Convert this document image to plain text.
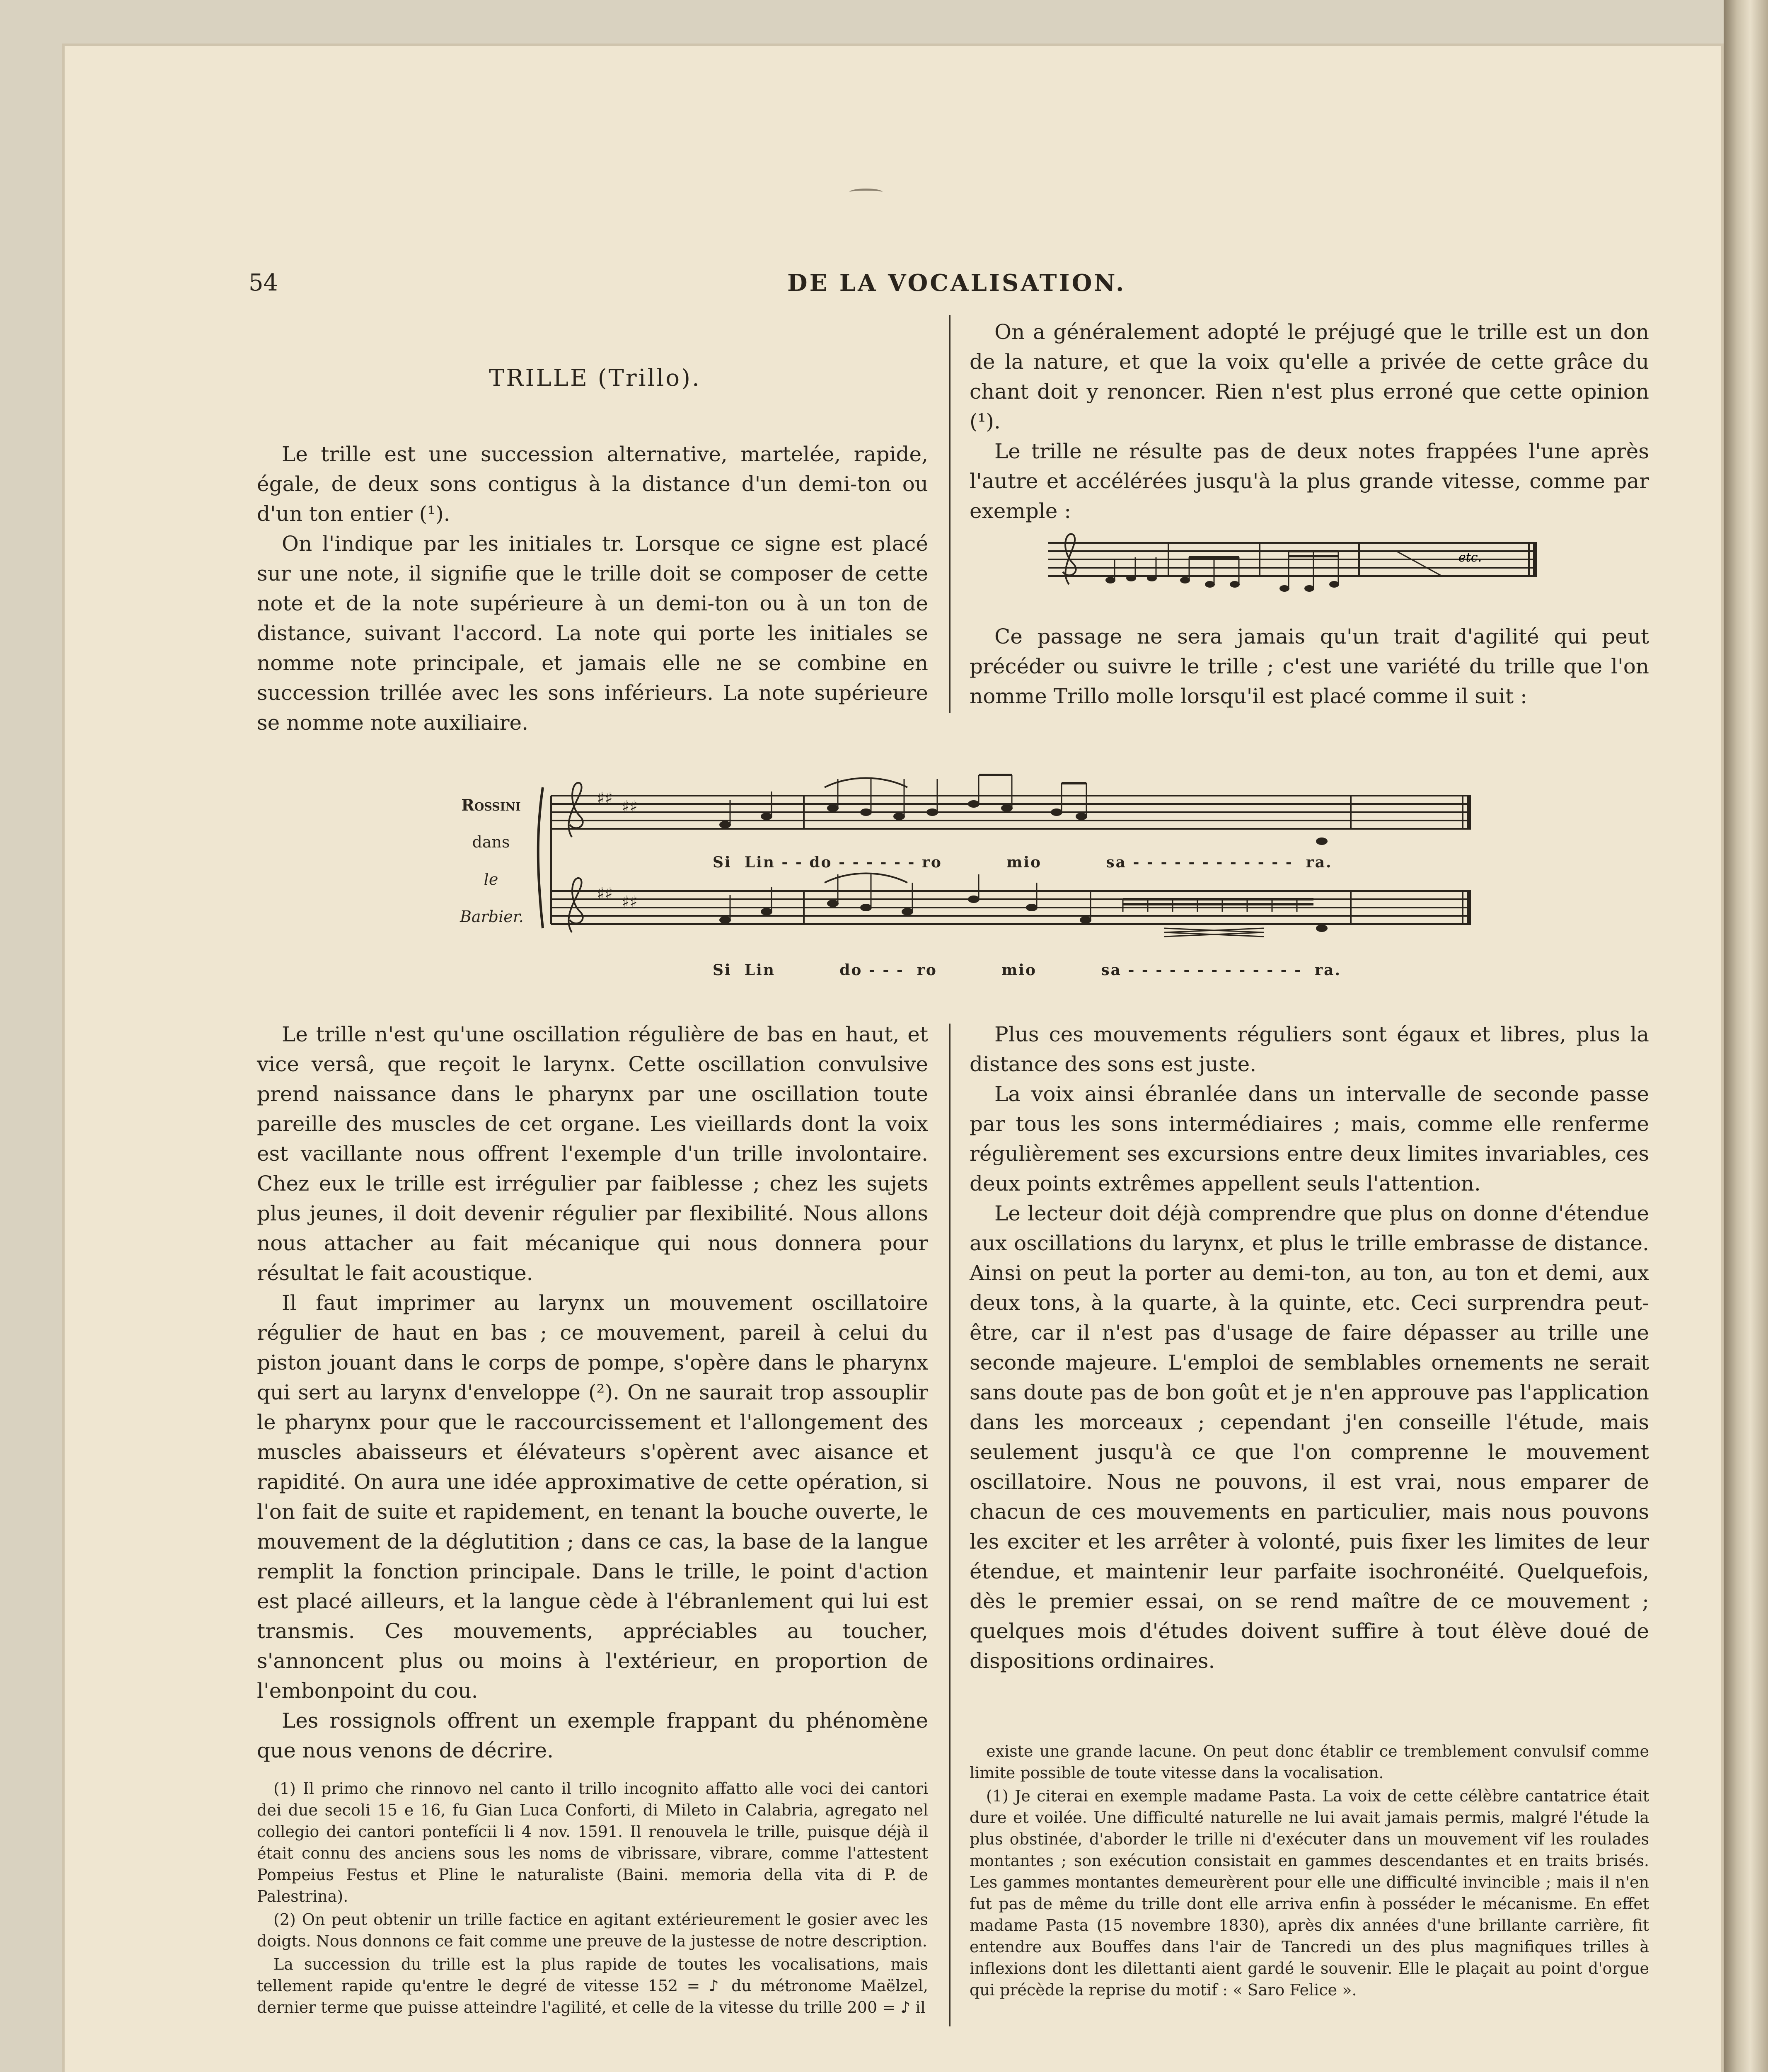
54	DE LA VOCALISATION.
TRILLE (Trillo).

Le trille est une succession alternative, martelée, rapide, égale, de deux sons contigus à la distance d'un demi-ton ou d'un ton entier (¹).

On l'indique par les initiales tr. Lorsque ce signe est placé sur une note, il signifie que le trille doit se composer de cette note et de la note supérieure à un demi-ton ou à un ton de distance, suivant l'accord. La note qui porte les initiales se nomme note principale, et jamais elle ne se combine en succession trillée avec les sons inférieurs. La note supérieure se nomme note auxiliaire.

On a généralement adopté le préjugé que le trille est un don de la nature, et que la voix qu'elle a privée de cette grâce du chant doit y renoncer. Rien n'est plus erroné que cette opinion (¹).

Le trille ne résulte pas de deux notes frappées l'une après l'autre et accélérées jusqu'à la plus grande vitesse, comme par exemple :

etc.

Ce passage ne sera jamais qu'un trait d'agilité qui peut précéder ou suivre le trille ; c'est une variété du trille que l'on nomme Trillo molle lorsqu'il est placé comme il suit :

Rossini
dans
le
Barbier.
♯♯ ♯♯
♯♯ ♯♯
Si  Lin - - do - - - - - - ro          mio          sa - - - - - - - - - - - -  ra.
Si  Lin          do - - -  ro          mio          sa - - - - - - - - - - - - -  ra.

Le trille n'est qu'une oscillation régulière de bas en haut, et vice versâ, que reçoit le larynx. Cette oscillation convulsive prend naissance dans le pharynx par une oscillation toute pareille des muscles de cet organe. Les vieillards dont la voix est vacillante nous offrent l'exemple d'un trille involontaire. Chez eux le trille est irrégulier par faiblesse ; chez les sujets plus jeunes, il doit devenir régulier par flexibilité. Nous allons nous attacher au fait mécanique qui nous donnera pour résultat le fait acoustique.

Il faut imprimer au larynx un mouvement oscillatoire régulier de haut en bas ; ce mouvement, pareil à celui du piston jouant dans le corps de pompe, s'opère dans le pharynx qui sert au larynx d'enveloppe (²). On ne saurait trop assouplir le pharynx pour que le raccourcissement et l'allongement des muscles abaisseurs et élévateurs s'opèrent avec aisance et rapidité. On aura une idée approximative de cette opération, si l'on fait de suite et rapidement, en tenant la bouche ouverte, le mouvement de la déglutition ; dans ce cas, la base de la langue remplit la fonction principale. Dans le trille, le point d'action est placé ailleurs, et la langue cède à l'ébranlement qui lui est transmis. Ces mouvements, appréciables au toucher, s'annoncent plus ou moins à l'extérieur, en proportion de l'embonpoint du cou.

Les rossignols offrent un exemple frappant du phénomène que nous venons de décrire.

Plus ces mouvements réguliers sont égaux et libres, plus la distance des sons est juste.

La voix ainsi ébranlée dans un intervalle de seconde passe par tous les sons intermédiaires ; mais, comme elle renferme régulièrement ses excursions entre deux limites invariables, ces deux points extrêmes appellent seuls l'attention.

Le lecteur doit déjà comprendre que plus on donne d'étendue aux oscillations du larynx, et plus le trille embrasse de distance. Ainsi on peut la porter au demi-ton, au ton, au ton et demi, aux deux tons, à la quarte, à la quinte, etc. Ceci surprendra peut-être, car il n'est pas d'usage de faire dépasser au trille une seconde majeure. L'emploi de semblables ornements ne serait sans doute pas de bon goût et je n'en approuve pas l'application dans les morceaux ; cependant j'en conseille l'étude, mais seulement jusqu'à ce que l'on comprenne le mouvement oscillatoire. Nous ne pouvons, il est vrai, nous emparer de chacun de ces mouvements en particulier, mais nous pouvons les exciter et les arrêter à volonté, puis fixer les limites de leur étendue, et maintenir leur parfaite isochronéité. Quelquefois, dès le premier essai, on se rend maître de ce mouvement ; quelques mois d'études doivent suffire à tout élève doué de dispositions ordinaires.

(1) Il primo che rinnovo nel canto il trillo incognito affatto alle voci dei cantori dei due secoli 15 e 16, fu Gian Luca Conforti, di Mileto in Calabria, agregato nel collegio dei cantori pontefícii li 4 nov. 1591. Il renouvela le trille, puisque déjà il était connu des anciens sous les noms de vibrissare, vibrare, comme l'attestent Pompeius Festus et Pline le naturaliste (Baini. memoria della vita di P. de Palestrina).

(2) On peut obtenir un trille factice en agitant extérieurement le gosier avec les doigts. Nous donnons ce fait comme une preuve de la justesse de notre description.

La succession du trille est la plus rapide de toutes les vocalisations, mais tellement rapide qu'entre le degré de vitesse 152 = ♪ du métronome Maëlzel, dernier terme que puisse atteindre l'agilité, et celle de la vitesse du trille 200 = ♪ il

existe une grande lacune. On peut donc établir ce tremblement convulsif comme limite possible de toute vitesse dans la vocalisation.

(1) Je citerai en exemple madame Pasta. La voix de cette célèbre cantatrice était dure et voilée. Une difficulté naturelle ne lui avait jamais permis, malgré l'étude la plus obstinée, d'aborder le trille ni d'exécuter dans un mouvement vif les roulades montantes ; son exécution consistait en gammes descendantes et en traits brisés. Les gammes montantes demeurèrent pour elle une difficulté invincible ; mais il n'en fut pas de même du trille dont elle arriva enfin à posséder le mécanisme. En effet madame Pasta (15 novembre 1830), après dix années d'une brillante carrière, fit entendre aux Bouffes dans l'air de Tancredi un des plus magnifiques trilles à inflexions dont les dilettanti aient gardé le souvenir. Elle le plaçait au point d'orgue qui précède la reprise du motif : « Saro Felice ».
